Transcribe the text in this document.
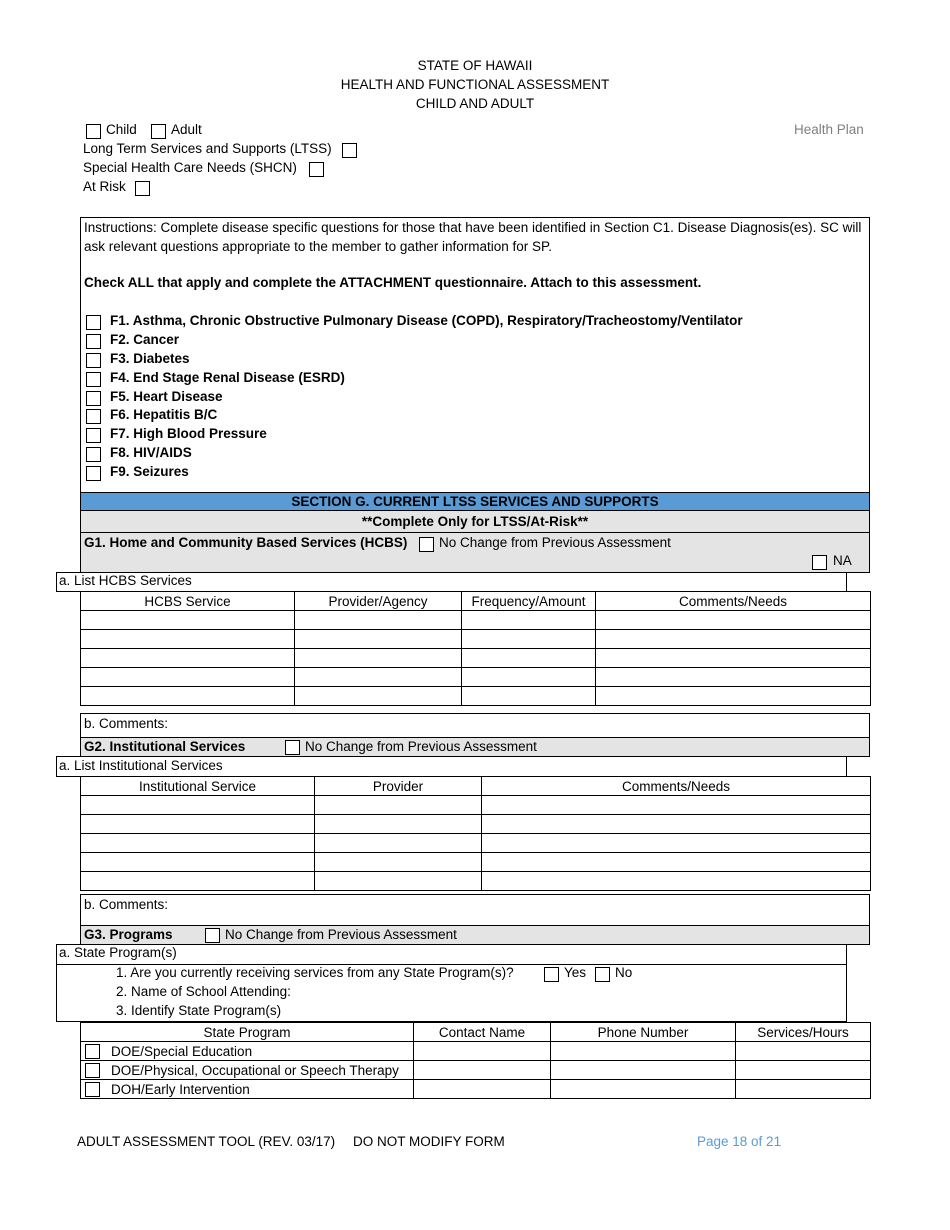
STATE OF HAWAII
HEALTH AND FUNCTIONAL ASSESSMENT
CHILD AND ADULT
Child	Adult	Health Plan
Long Term Services and Supports (LTSS)
Special Health Care Needs (SHCN)
At Risk
Instructions: Complete disease specific questions for those that have been identified in Section C1. Disease Diagnosis(es). SC will ask relevant questions appropriate to the member to gather information for SP.
Check ALL that apply and complete the ATTACHMENT questionnaire. Attach to this assessment.
F1. Asthma, Chronic Obstructive Pulmonary Disease (COPD), Respiratory/Tracheostomy/Ventilator
F2. Cancer
F3. Diabetes
F4. End Stage Renal Disease (ESRD)
F5. Heart Disease
F6. Hepatitis B/C
F7. High Blood Pressure
F8. HIV/AIDS
F9. Seizures
SECTION G. CURRENT LTSS SERVICES AND SUPPORTS
**Complete Only for LTSS/At-Risk**
G1. Home and Community Based Services (HCBS) No Change from Previous Assessment
NA
a. List HCBS Services
HCBS Service	Provider/Agency	Frequency/Amount	Comments/Needs

b. Comments:
G2. Institutional Services	No Change from Previous Assessment
a. List Institutional Services
Institutional Service	Provider	Comments/Needs

b. Comments:
G3. Programs	No Change from Previous Assessment
a. State Program(s)
1. Are you currently receiving services from any State Program(s)?	Yes No
2. Name of School Attending:
3. Identify State Program(s)
State Program	Contact Name	Phone Number	Services/Hours

DOE/Special Education			

DOE/Physical, Occupational or Speech Therapy			

DOH/Early Intervention			
ADULT ASSESSMENT TOOL (REV. 03/17) DO NOT MODIFY FORM	Page 18 of 21
